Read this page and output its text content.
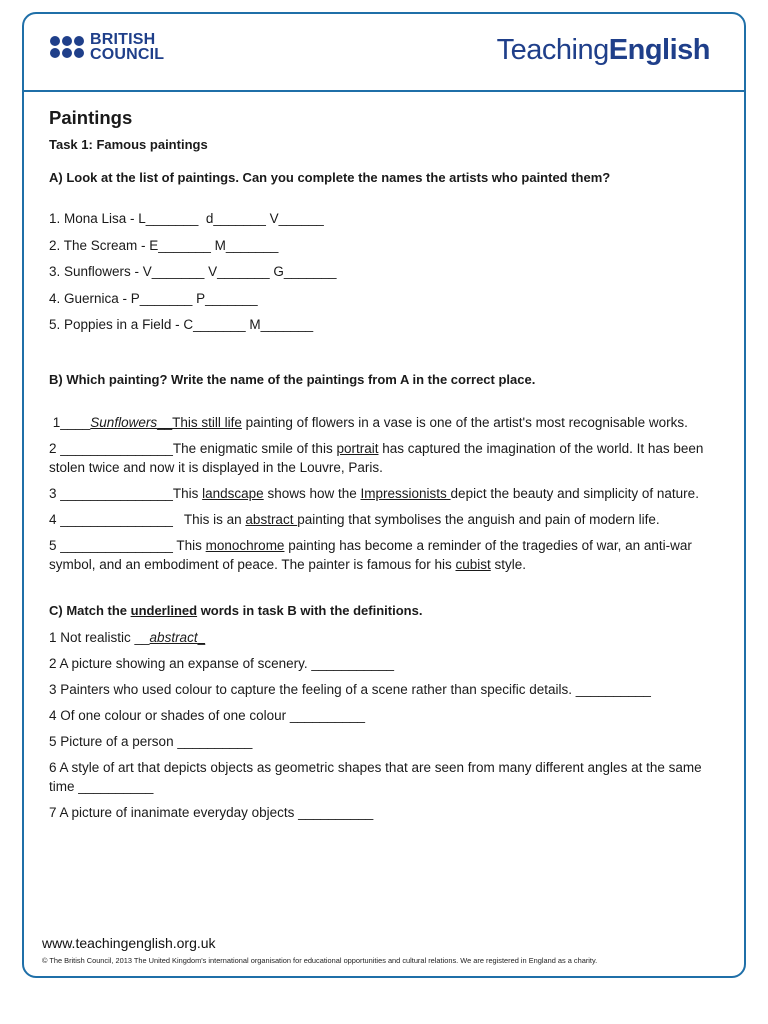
BRITISH
COUNCIL	TeachingEnglish
Paintings
Task 1: Famous paintings
A) Look at the list of paintings. Can you complete the names the artists who painted them?
1. Mona Lisa - L_______  d_______ V______
2. The Scream - E_______ M_______
3. Sunflowers - V_______ V_______ G_______
4. Guernica - P_______ P_______
5. Poppies in a Field - C_______ M_______
B) Which painting? Write the name of the paintings from A in the correct place.
1____Sunflowers__This still life painting of flowers in a vase is one of the artist's most recognisable works.
2 _______________The enigmatic smile of this portrait has captured the imagination of the world. It has been stolen twice and now it is displayed in the Louvre, Paris.
3 _______________This landscape shows how the Impressionists depict the beauty and simplicity of nature.
4 _______________   This is an abstract painting that symbolises the anguish and pain of modern life.
5 _______________ This monochrome painting has become a reminder of the tragedies of war, an anti-war symbol, and an embodiment of peace. The painter is famous for his cubist style.
C) Match the underlined words in task B with the definitions.
1 Not realistic __abstract_
2 A picture showing an expanse of scenery. ___________
3 Painters who used colour to capture the feeling of a scene rather than specific details. __________
4 Of one colour or shades of one colour __________
5 Picture of a person __________
6 A style of art that depicts objects as geometric shapes that are seen from many different angles at the same time __________
7 A picture of inanimate everyday objects __________
www.teachingenglish.org.uk
© The British Council, 2013 The United Kingdom's international organisation for educational opportunities and cultural relations. We are registered in England as a charity.
